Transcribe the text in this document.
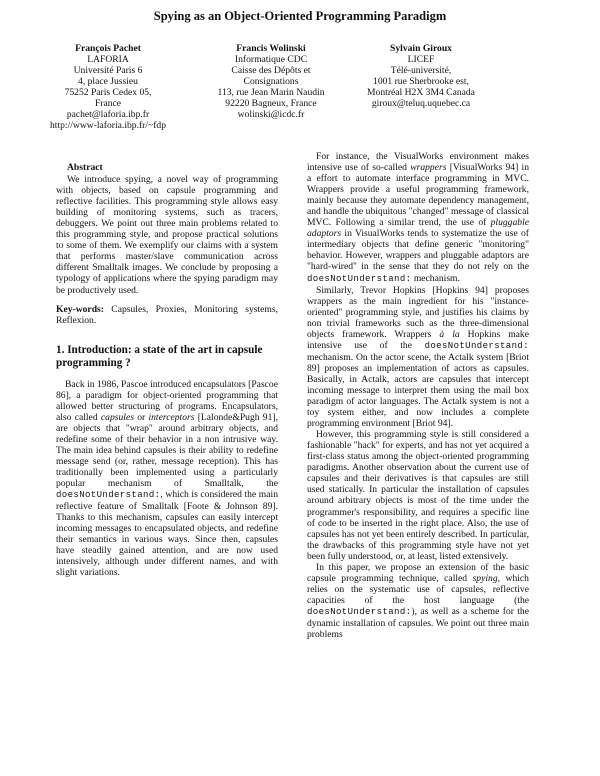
Spying as an Object-Oriented Programming Paradigm
François Pachet
LAFORIA
Université Paris 6
4, place Jussieu
75252 Paris Cedex 05,
France
pachet@laforia.ibp.fr
http://www-laforia.ibp.fr/~fdp
Francis Wolinski
Informatique CDC
Caisse des Dépôts et
Consignations
113, rue Jean Marin Naudin
92220 Bagneux, France
wolinski@icdc.fr
Sylvain Giroux
LICEF
Télé-université,
1001 rue Sherbrooke est,
Montréal H2X 3M4 Canada
giroux@teluq.uquebec.ca
Abstract

We introduce spying, a novel way of programming with objects, based on capsule programming and reflective facilities. This programming style allows easy building of monitoring systems, such as tracers, debuggers. We point out three main problems related to this programming style, and propose practical solutions to some of them. We exemplify our claims with a system that performs master/slave communication across different Smalltalk images. We conclude by proposing a typology of applications where the spying paradigm may be productively used.

Key-words: Capsules, Proxies, Monitoring systems, Reflexion.

1. Introduction: a state of the art in capsule programming ?

Back in 1986, Pascoe introduced encapsulators [Pascoe 86], a paradigm for object-oriented programming that allowed better structuring of programs. Encapsulators, also called capsules or interceptors [Lalonde&Pugh 91], are objects that "wrap" around arbitrary objects, and redefine some of their behavior in a non intrusive way. The main idea behind capsules is their ability to redefine message send (or, rather, message reception). This has traditionally been implemented using a particularly popular mechanism of Smalltalk, the doesNotUnderstand:, which is considered the main reflective feature of Smalltalk [Foote & Johnson 89]. Thanks to this mechanism, capsules can easily intercept incoming messages to encapsulated objects, and redefine their semantics in various ways. Since then, capsules have steadily gained attention, and are now used intensively, although under different names, and with slight variations.

For instance, the VisualWorks environment makes intensive use of so-called wrappers [VisualWorks 94] in a effort to automate interface programming in MVC. Wrappers provide a useful programming framework, mainly because they automate dependency management, and handle the ubiquitous "changed" message of classical MVC. Following a similar trend, the use of pluggable adaptors in VisualWorks tends to systematize the use of intermediary objects that define generic "monitoring" behavior. However, wrappers and pluggable adaptors are "hard-wired" in the sense that they do not rely on the doesNotUnderstand: mechanism.

Similarly, Trevor Hopkins [Hopkins 94] proposes wrappers as the main ingredient for his "instance-oriented" programming style, and justifies his claims by non trivial frameworks such as the three-dimensional objects framework. Wrappers à la Hopkins make intensive use of the doesNotUnderstand: mechanism. On the actor scene, the Actalk system [Briot 89] proposes an implementation of actors as capsules. Basically, in Actalk, actors are capsules that intercept incoming message to interpret them using the mail box paradigm of actor languages. The Actalk system is not a toy system either, and now includes a complete programming environment [Briot 94].

However, this programming style is still considered a fashionable "hack" for experts, and has not yet acquired a first-class status among the object-oriented programming paradigms. Another observation about the current use of capsules and their derivatives is that capsules are still used statically. In particular the installation of capsules around arbitrary objects is most of the time under the programmer's responsibility, and requires a specific line of code to be inserted in the right place. Also, the use of capsules has not yet been entirely described. In particular, the drawbacks of this programming style have not yet been fully understood, or, at least, listed extensively.

In this paper, we propose an extension of the basic capsule programming technique, called spying, which relies on the systematic use of capsules, reflective capacities of the host language (the doesNotUnderstand:), as well as a scheme for the dynamic installation of capsules. We point out three main problems
